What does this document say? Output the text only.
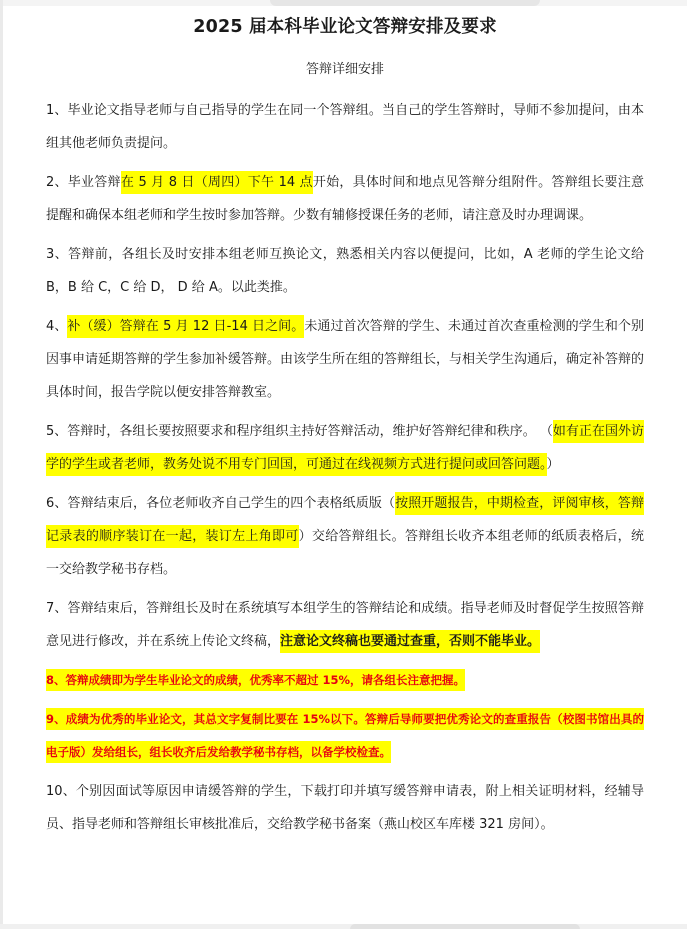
2025 届本科毕业论文答辩安排及要求
答辩详细安排

1、毕业论文指导老师与自己指导的学生在同一个答辩组。当自己的学生答辩时，导师不参加提问，由本组其他老师负责提问。

2、毕业答辩在 5 月 8 日（周四）下午 14 点开始，具体时间和地点见答辩分组附件。答辩组长要注意提醒和确保本组老师和学生按时参加答辩。少数有辅修授课任务的老师，请注意及时办理调课。

3、答辩前，各组长及时安排本组老师互换论文，熟悉相关内容以便提问，比如，A 老师的学生论文给 B，B 给 C，C 给 D， D 给 A。以此类推。

4、补（缓）答辩在 5 月 12 日-14 日之间。未通过首次答辩的学生、未通过首次查重检测的学生和个别因事申请延期答辩的学生参加补缓答辩。由该学生所在组的答辩组长，与相关学生沟通后，确定补答辩的具体时间，报告学院以便安排答辩教室。

5、答辩时，各组长要按照要求和程序组织主持好答辩活动，维护好答辩纪律和秩序。 （如有正在国外访学的学生或者老师，教务处说不用专门回国，可通过在线视频方式进行提问或回答问题。）

6、答辩结束后，各位老师收齐自己学生的四个表格纸质版（按照开题报告，中期检查，评阅审核，答辩记录表的顺序装订在一起，装订左上角即可）交给答辩组长。答辩组长收齐本组老师的纸质表格后，统一交给教学秘书存档。

7、答辩结束后，答辩组长及时在系统填写本组学生的答辩结论和成绩。指导老师及时督促学生按照答辩意见进行修改，并在系统上传论文终稿，注意论文终稿也要通过查重，否则不能毕业。

8、答辩成绩即为学生毕业论文的成绩，优秀率不超过 15%，请各组长注意把握。

9、成绩为优秀的毕业论文，其总文字复制比要在 15%以下。答辩后导师要把优秀论文的查重报告（校图书馆出具的电子版）发给组长，组长收齐后发给教学秘书存档，以备学校检查。

10、个别因面试等原因申请缓答辩的学生，下载打印并填写缓答辩申请表，附上相关证明材料，经辅导员、指导老师和答辩组长审核批准后，交给教学秘书备案（燕山校区车库楼 321 房间）。
